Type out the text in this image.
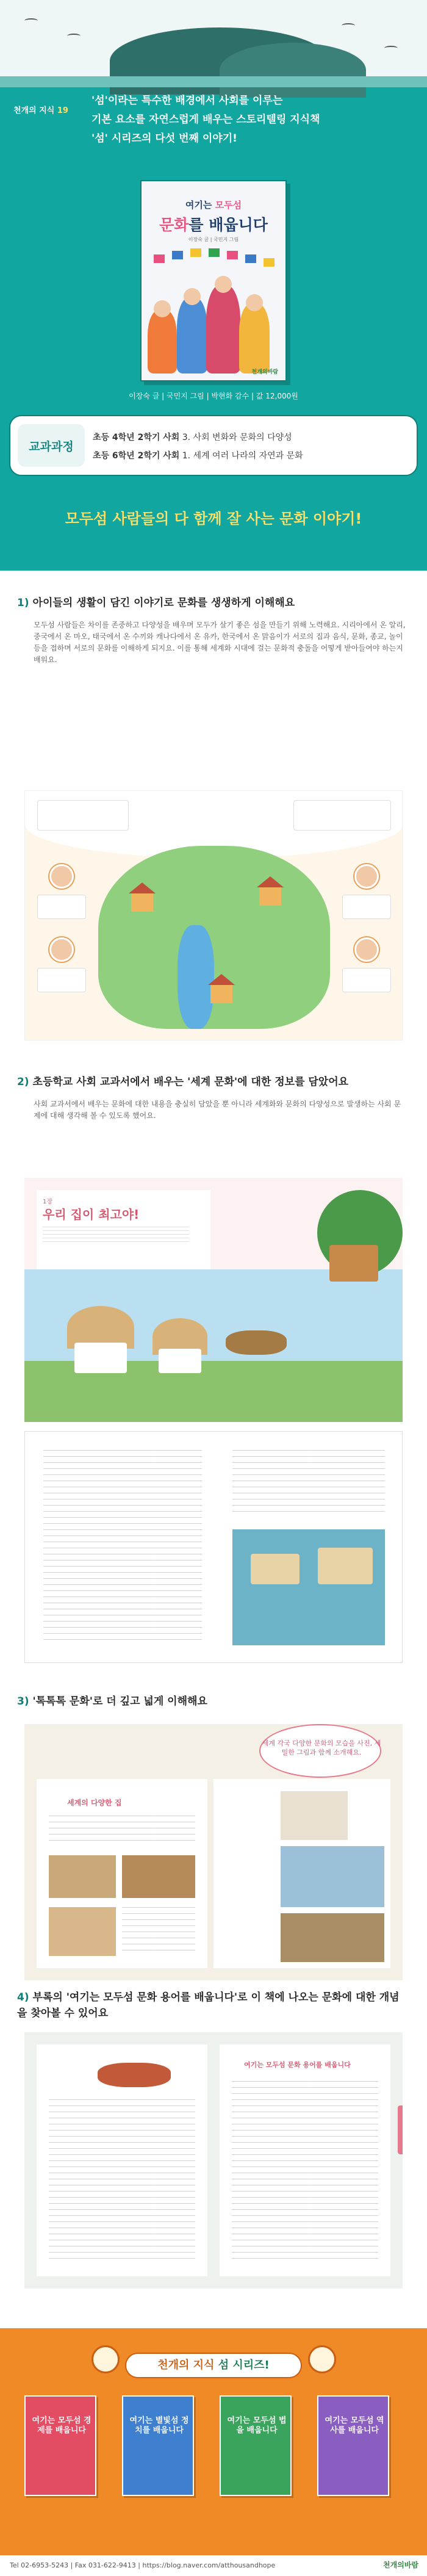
천개의 지식 19
'섬'이라는 특수한 배경에서 사회를 이루는
기본 요소를 자연스럽게 배우는 스토리텔링 지식책
'섬' 시리즈의 다섯 번째 이야기!
여기는 모두섬
문화를 배웁니다
이장숙 글 | 국민지 그림
천개의바람
이장숙 글 | 국민지 그림 | 박현화 감수 | 값 12,000원
교과과정
초등 4학년 2학기 사회 3. 사회 변화와 문화의 다양성
초등 6학년 2학기 사회 1. 세계 여러 나라의 자연과 문화
모두섬 사람들의 다 함께 잘 사는 문화 이야기!
1) 아이들의 생활이 담긴 이야기로 문화를 생생하게 이해해요
모두섬 사람들은 차이를 존중하고 다양성을 배우며 모두가 살기 좋은 섬을 만들기 위해 노력해요. 시리아에서 온 알리, 중국에서 온 마오, 태국에서 온 수끼와 캐나다에서 온 유카, 한국에서 온 맑음이가 서로의 집과 음식, 문화, 종교, 놀이 등을 접하며 서로의 문화를 이해하게 되지요. 이를 통해 세계화 시대에 걸는 문화적 충돌을 어떻게 받아들여야 하는지 배워요.
2) 초등학교 사회 교과서에서 배우는 '세계 문화'에 대한 정보를 담았어요
사회 교과서에서 배우는 문화에 대한 내용을 충실히 담았을 뿐 아니라 세계화와 문화의 다양성으로 발생하는 사회 문제에 대해 생각해 볼 수 있도록 했어요.
1장
우리 집이 최고야!
3) '톡톡톡 문화'로 더 깊고 넓게 이해해요
세계의 다양한 집
세계 각국 다양한 문화의 모습을 사진, 세밀한 그림과 함께 소개해요.
4) 부록의 '여기는 모두섬 문화 용어를 배웁니다'로 이 책에 나오는 문화에 대한 개념을 찾아볼 수 있어요
여기는 모두섬 문화 용어를 배웁니다
천개의 지식 섬 시리즈!
여기는 모두섬 경제를 배웁니다
여기는 별빛섬 정치를 배웁니다
여기는 모두섬 법을 배웁니다
여기는 모두섬 역사를 배웁니다
Tel 02-6953-5243 | Fax 031-622-9413 | https://blog.naver.com/atthousandhope	천개의바람
